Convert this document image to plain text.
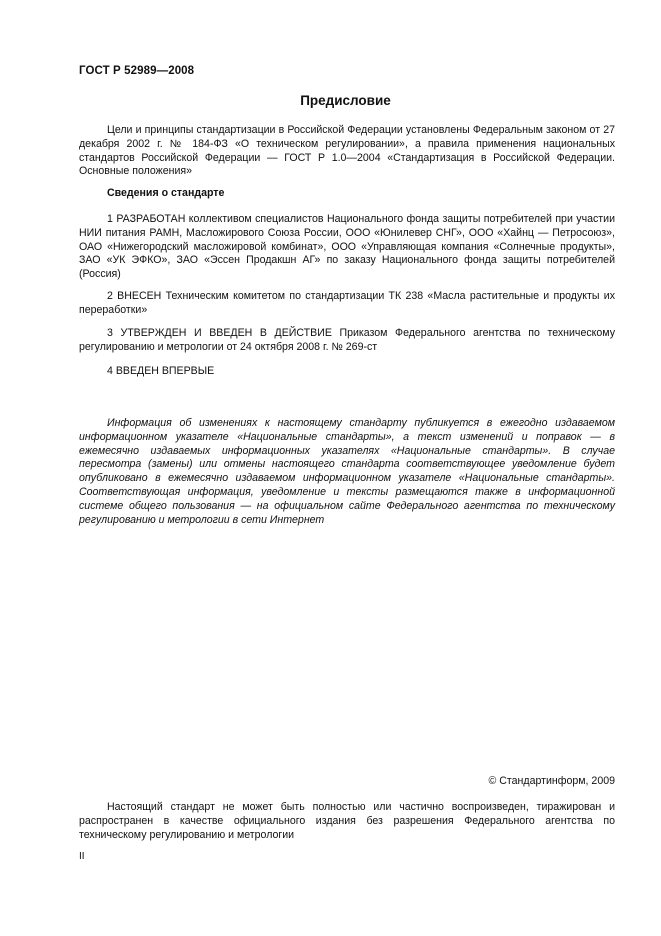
ГОСТ Р 52989—2008
Предисловие

Цели и принципы стандартизации в Российской Федерации установлены Федеральным законом от 27 декабря 2002 г. № 184-ФЗ «О техническом регулировании», а правила применения национальных стандартов Российской Федерации — ГОСТ Р 1.0—2004 «Стандартизация в Российской Федерации. Основные положения»

Сведения о стандарте

1 РАЗРАБОТАН коллективом специалистов Национального фонда защиты потребителей при участии НИИ питания РАМН, Масложирового Союза России, ООО «Юнилевер СНГ», ООО «Хайнц — Петросоюз», ОАО «Нижегородский масложировой комбинат», ООО «Управляющая компания «Солнечные продукты», ЗАО «УК ЭФКО», ЗАО «Эссен Продакшн АГ» по заказу Национального фонда защиты потребителей (Россия)

2 ВНЕСЕН Техническим комитетом по стандартизации ТК 238 «Масла растительные и продукты их переработки»

3 УТВЕРЖДЕН И ВВЕДЕН В ДЕЙСТВИЕ Приказом Федерального агентства по техническому регулированию и метрологии от 24 октября 2008 г. № 269-ст

4 ВВЕДЕН ВПЕРВЫЕ

Информация об изменениях к настоящему стандарту публикуется в ежегодно издаваемом информационном указателе «Национальные стандарты», а текст изменений и поправок — в ежемесячно издаваемых информационных указателях «Национальные стандарты». В случае пересмотра (замены) или отмены настоящего стандарта соответствующее уведомление будет опубликовано в ежемесячно издаваемом информационном указателе «Национальные стандарты». Соответствующая информация, уведомление и тексты размещаются также в информационной системе общего пользования — на официальном сайте Федерального агентства по техническому регулированию и метрологии в сети Интернет

© Стандартинформ, 2009

Настоящий стандарт не может быть полностью или частично воспроизведен, тиражирован и распространен в качестве официального издания без разрешения Федерального агентства по техническому регулированию и метрологии

II
